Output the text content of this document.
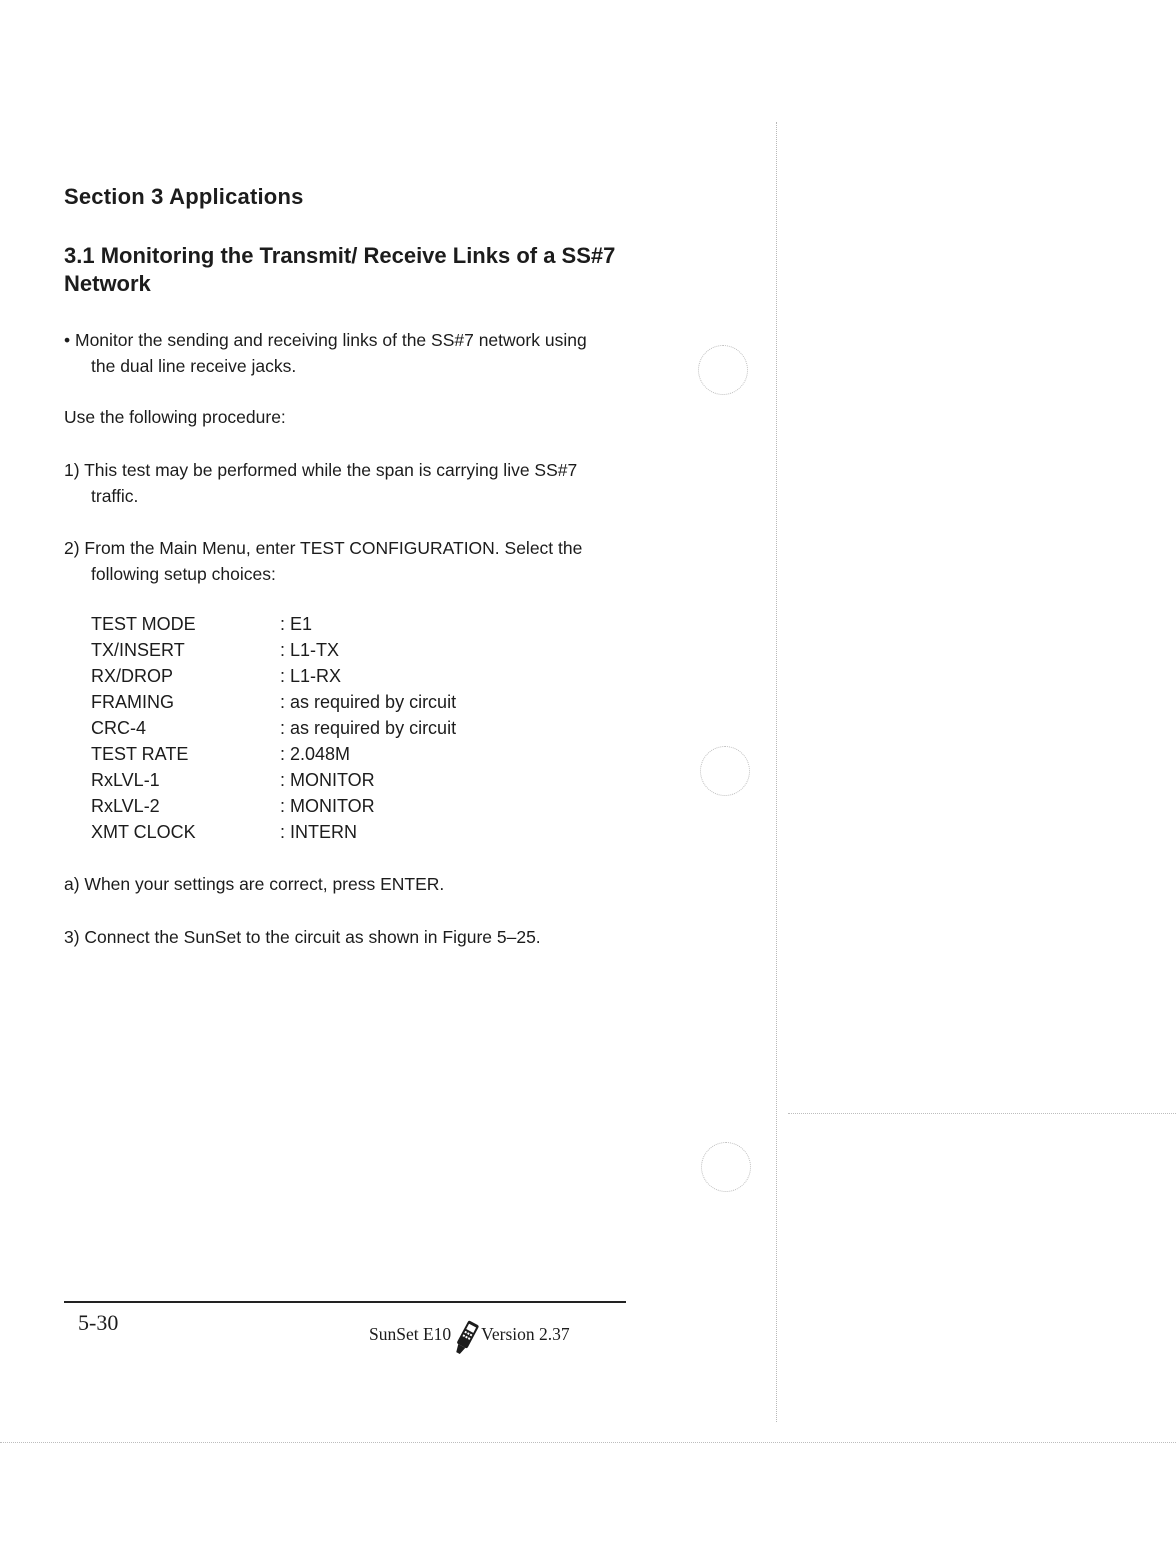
Section 3 Applications
3.1 Monitoring the Transmit/ Receive Links of a SS#7 Network

• Monitor the sending and receiving links of the SS#7 network using
the dual line receive jacks.

Use the following procedure:

1) This test may be performed while the span is carrying live SS#7
traffic.

2) From the Main Menu, enter TEST CONFIGURATION. Select the
following setup choices:

TEST MODE	: E1
TX/INSERT	: L1-TX
RX/DROP	: L1-RX
FRAMING	: as required by circuit
CRC-4	: as required by circuit
TEST RATE	: 2.048M
RxLVL-1	: MONITOR
RxLVL-2	: MONITOR
XMT CLOCK	: INTERN

a) When your settings are correct, press ENTER.

3) Connect the SunSet to the circuit as shown in Figure 5–25.

5-30	SunSet E10 Version 2.37
